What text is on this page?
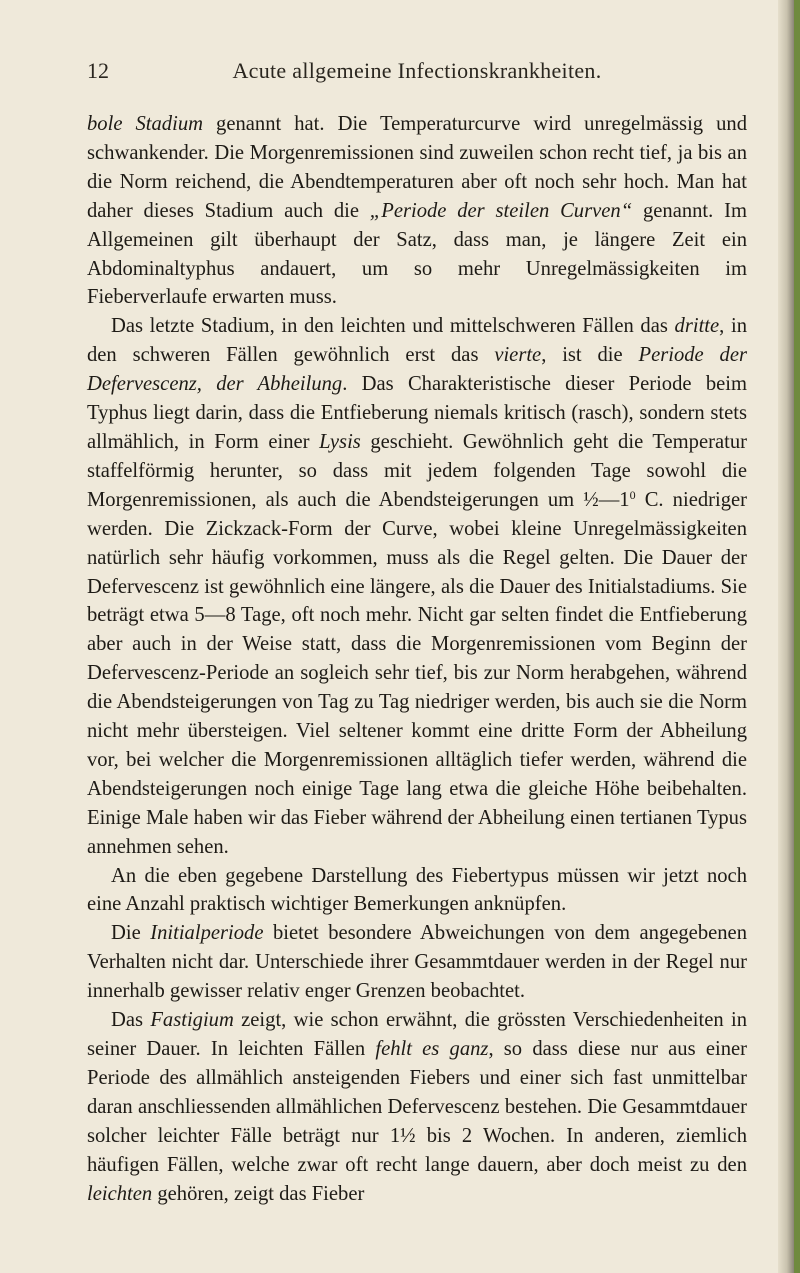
12	Acute allgemeine Infectionskrankheiten.

bole Stadium genannt hat. Die Temperaturcurve wird unregelmässig und schwankender. Die Morgenremissionen sind zuweilen schon recht tief, ja bis an die Norm reichend, die Abendtemperaturen aber oft noch sehr hoch. Man hat daher dieses Stadium auch die „Periode der steilen Curven“ genannt. Im Allgemeinen gilt überhaupt der Satz, dass man, je längere Zeit ein Abdominaltyphus andauert, um so mehr Unregelmässigkeiten im Fieberverlaufe erwarten muss.

Das letzte Stadium, in den leichten und mittelschweren Fällen das dritte, in den schweren Fällen gewöhnlich erst das vierte, ist die Periode der Defervescenz, der Abheilung. Das Charakteristische dieser Periode beim Typhus liegt darin, dass die Entfieberung niemals kritisch (rasch), sondern stets allmählich, in Form einer Lysis geschieht. Gewöhnlich geht die Temperatur staffelförmig herunter, so dass mit jedem folgenden Tage sowohl die Morgenremissionen, als auch die Abendsteigerungen um $\frac{1}{2}—1^0$ C. niedriger werden. Die Zickzack-Form der Curve, wobei kleine Unregelmässigkeiten natürlich sehr häufig vorkommen, muss als die Regel gelten. Die Dauer der Defervescenz ist gewöhnlich eine längere, als die Dauer des Initialstadiums. Sie beträgt etwa 5—8 Tage, oft noch mehr. Nicht gar selten findet die Entfieberung aber auch in der Weise statt, dass die Morgenremissionen vom Beginn der Defervescenz-Periode an sogleich sehr tief, bis zur Norm herabgehen, während die Abendsteigerungen von Tag zu Tag niedriger werden, bis auch sie die Norm nicht mehr übersteigen. Viel seltener kommt eine dritte Form der Abheilung vor, bei welcher die Morgenremissionen alltäglich tiefer werden, während die Abendsteigerungen noch einige Tage lang etwa die gleiche Höhe beibehalten. Einige Male haben wir das Fieber während der Abheilung einen tertianen Typus annehmen sehen.

An die eben gegebene Darstellung des Fiebertypus müssen wir jetzt noch eine Anzahl praktisch wichtiger Bemerkungen anknüpfen.

Die Initialperiode bietet besondere Abweichungen von dem angegebenen Verhalten nicht dar. Unterschiede ihrer Gesammtdauer werden in der Regel nur innerhalb gewisser relativ enger Grenzen beobachtet.

Das Fastigium zeigt, wie schon erwähnt, die grössten Verschiedenheiten in seiner Dauer. In leichten Fällen fehlt es ganz, so dass diese nur aus einer Periode des allmählich ansteigenden Fiebers und einer sich fast unmittelbar daran anschliessenden allmählichen Defervescenz bestehen. Die Gesammtdauer solcher leichter Fälle beträgt nur 1½ bis 2 Wochen. In anderen, ziemlich häufigen Fällen, welche zwar oft recht lange dauern, aber doch meist zu den leichten gehören, zeigt das Fieber
